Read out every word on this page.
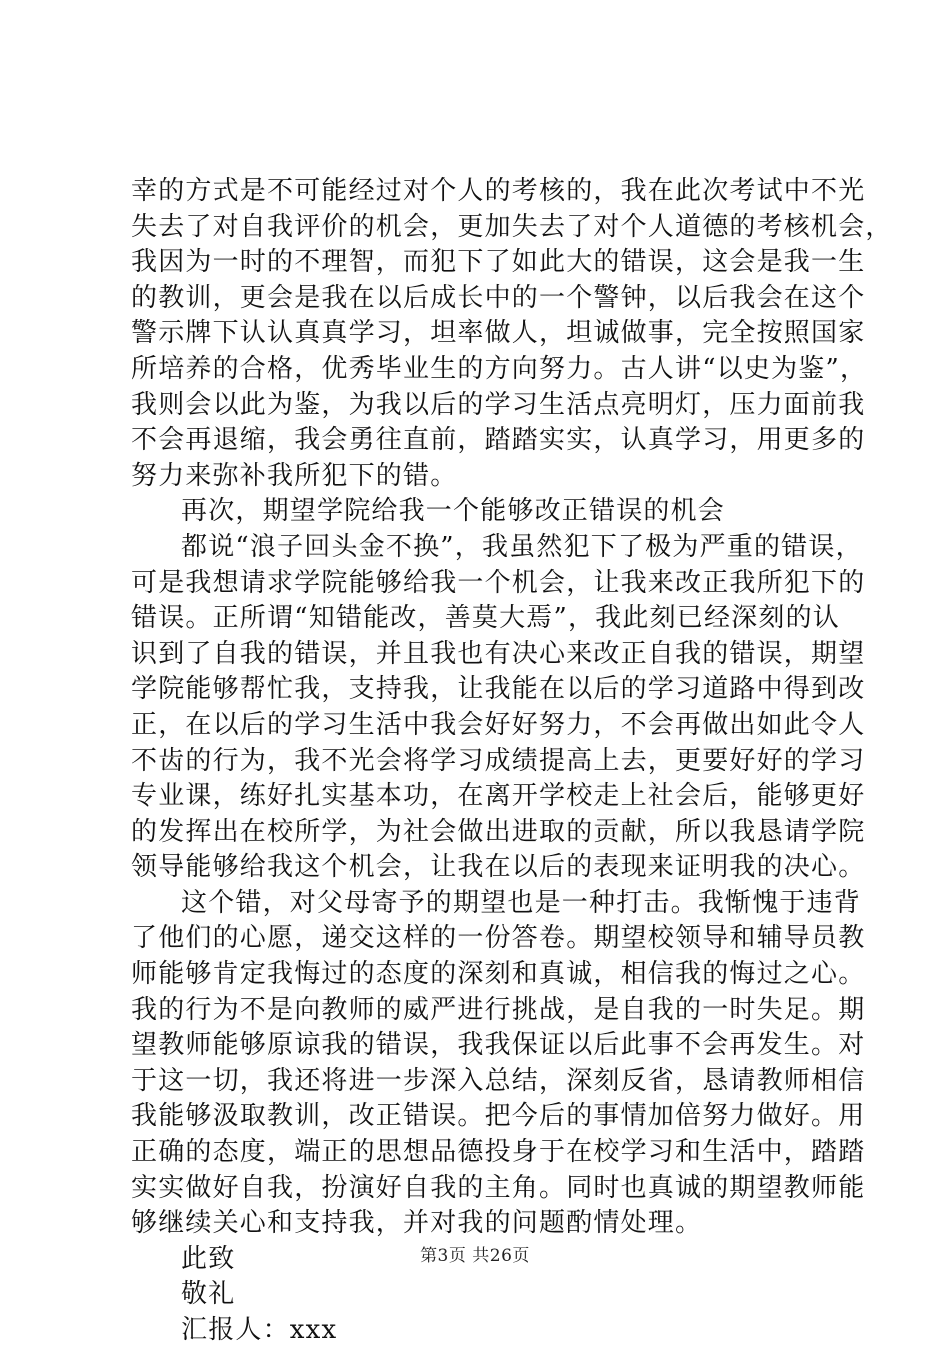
幸的方式是不可能经过对个人的考核的，我在此次考试中不光
失去了对自我评价的机会，更加失去了对个人道德的考核机会，
我因为一时的不理智，而犯下了如此大的错误，这会是我一生
的教训，更会是我在以后成长中的一个警钟，以后我会在这个
警示牌下认认真真学习，坦率做人，坦诚做事，完全按照国家
所培养的合格，优秀毕业生的方向努力。古人讲“以史为鉴”，
我则会以此为鉴，为我以后的学习生活点亮明灯，压力面前我
不会再退缩，我会勇往直前，踏踏实实，认真学习，用更多的
努力来弥补我所犯下的错。
再次，期望学院给我一个能够改正错误的机会
都说“浪子回头金不换”，我虽然犯下了极为严重的错误，
可是我想请求学院能够给我一个机会，让我来改正我所犯下的
错误。正所谓“知错能改，善莫大焉”，我此刻已经深刻的认
识到了自我的错误，并且我也有决心来改正自我的错误，期望
学院能够帮忙我，支持我，让我能在以后的学习道路中得到改
正，在以后的学习生活中我会好好努力，不会再做出如此令人
不齿的行为，我不光会将学习成绩提高上去，更要好好的学习
专业课，练好扎实基本功，在离开学校走上社会后，能够更好
的发挥出在校所学，为社会做出进取的贡献，所以我恳请学院
领导能够给我这个机会，让我在以后的表现来证明我的决心。
这个错，对父母寄予的期望也是一种打击。我惭愧于违背
了他们的心愿，递交这样的一份答卷。期望校领导和辅导员教
师能够肯定我悔过的态度的深刻和真诚，相信我的悔过之心。
我的行为不是向教师的威严进行挑战，是自我的一时失足。期
望教师能够原谅我的错误，我我保证以后此事不会再发生。对
于这一切，我还将进一步深入总结，深刻反省，恳请教师相信
我能够汲取教训，改正错误。把今后的事情加倍努力做好。用
正确的态度，端正的思想品德投身于在校学习和生活中，踏踏
实实做好自我，扮演好自我的主角。同时也真诚的期望教师能
够继续关心和支持我，并对我的问题酌情处理。
此致
敬礼
汇报人：xxx
第3页 共26页
